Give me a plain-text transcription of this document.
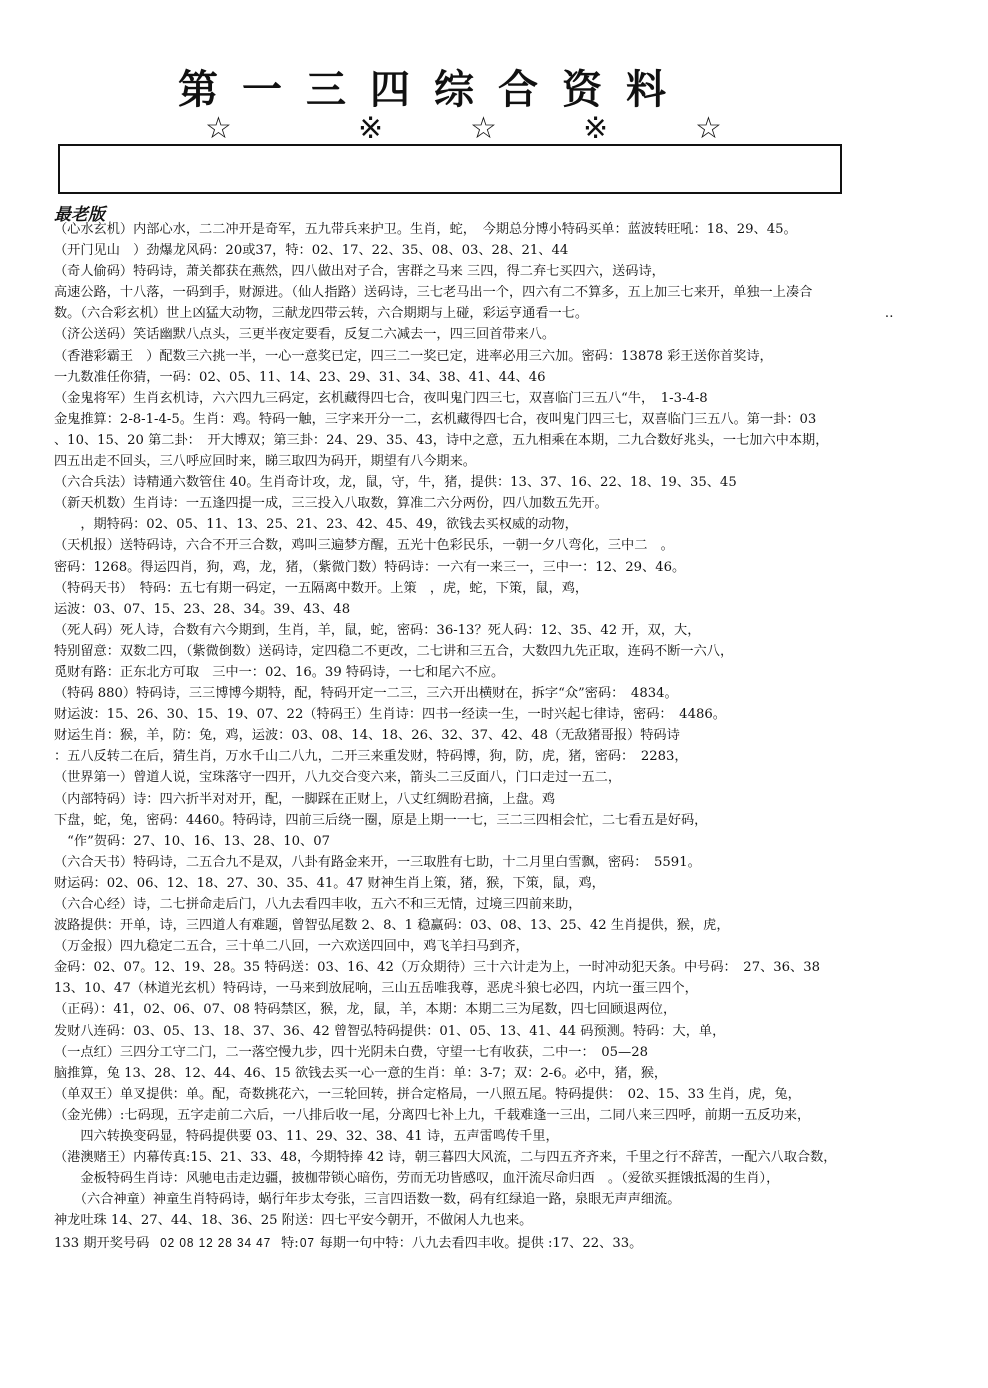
第一三四综合资料
☆	※	☆	※	☆
最老版
（心水玄机）内部心水，二二冲开是奇军，五九带兵来护卫。生肖，蛇，　今期总分博小特码买单：蓝波转旺吼：18、29、45。
（开门见山　）劲爆龙风码：20或37，特：02、17、22、35、08、03、28、21、44
（奇人偷码）特码诗，萧关都获在燕然，四八做出对子合，害群之马来 三四，得二弃七买四六，送码诗，
高速公路，十八落，一码到手，财源进。（仙人指路）送码诗，三七老马出一个，四六有二不算多，五上加三七来开，单独一上凑合
数。（六合彩玄机）世上凶猛大动物，三献龙四带云转，六合期期与上碰，彩运亨通看一七。　　　　　　　　　　　　　　　　　　　　　　　‥
（济公送码）笑话幽默八点头，三更半夜定要看，反复二六减去一，四三回首带来八。
（香港彩霸王　）配数三六挑一半，一心一意奖已定，四三二一奖已定，进率必用三六加。密码：13878 彩王送你首奖诗，
一九数准任你猜，一码：02、05、11、14、23、29、31、34、38、41、44、46
（金鬼将军）生肖玄机诗，六六四九三码定，玄机藏得四七合，夜叫鬼门四三七，双喜临门三五八“牛，　1-3-4-8
金鬼推算：2-8-1-4-5。生肖：鸡。特码一触，三字来开分一二，玄机藏得四七合，夜叫鬼门四三七，双喜临门三五八。第一卦：03
、10、15、20 第二卦：　开大博双；第三卦：24、29、35、43，诗中之意，五九相乘在本期，二九合数好兆头，一七加六中本期，
四五出走不回头，三八呼应回时来，睇三取四为码开，期望有八今期来。
（六合兵法）诗精通六数管住 40。生肖奇计攻，龙，鼠，守，牛，猪，提供：13、37、16、22、18、19、35、45
（新天机数）生肖诗：一五逢四提一成，三三投入八取数，算准二六分两份，四八加数五先开。
　　，期特码：02、05、11、13、25、21、23、42、45、49，欲钱去买权威的动物，
（天机报）送特码诗，六合不开三合数，鸡叫三遍梦方醒，五光十色彩民乐，一朝一夕八弯化，三中二　。
密码：1268。得运四肖，狗，鸡，龙，猪，（紫微门数）特码诗：一六有一来三一，三中一：12、29、46。
（特码天书）　特码：五七有期一码定，一五隔离中数开。上策　，虎，蛇，下策，鼠，鸡，
运波：03、07、15、23、28、34。39、43、48
（死人码）死人诗，合数有六今期到，生肖，羊，鼠，蛇，密码：36-13？死人码：12、35、42 开，双，大，
特别留意：双数二四，（紫微倒数）送码诗，定四稳二不更改，二七讲和三五合，大数四九先正取，连码不断一六八，
觅财有路：正东北方可取　三中一：02、16。39 特码诗，一七和尾六不应。
（特码 880）特码诗，三三博博今期特，配，特码开定一二三，三六开出横财在，拆字“众”密码：　4834。
财运波：15、26、30、15、19、07、22（特码王）生肖诗：四书一经读一生，一时兴起七律诗，密码：　4486。
财运生肖：猴，羊，防：兔，鸡，运波：03、08、14、18、26、32、37、42、48（无敌猪哥报）特码诗
：五八反转二在后，猜生肖，万水千山二八九，二开三来重发财，特码博，狗，防，虎，猪，密码：　2283，
（世界第一）曾道人说，宝珠落守一四开，八九交合变六来，箭头二三反面八，门口走过一五二，
（内部特码）诗：四六折半对对开，配，一脚踩在正财上，八丈红绸盼君摘，上盘。鸡
下盘，蛇，兔，密码：4460。特码诗，四前三后绕一圈，原是上期一一七，三二三四相会忙，二七看五是好码，
　“作”贺码：27、10、16、13、28、10、07
（六合天书）特码诗，二五合九不是双，八卦有路金来开，一三取胜有七助，十二月里白雪飘，密码：　5591。
财运码：02、06、12、18、27、30、35、41。47 财神生肖上策，猪，猴，下策，鼠，鸡，
（六合心经）诗，二七拼命走后门，八九去看四丰收，五六不和三无情，过境三四前来助，
波路提供：开单，诗，三四道人有难题，曾智弘尾数 2、8、1 稳赢码：03、08、13、25、42 生肖提供，猴，虎，
（万金报）四九稳定二五合，三十单二八回，一六欢送四回中，鸡飞羊扫马到齐，
金码：02、07。12、19、28。35 特码送：03、16、42（万众期待）三十六计走为上，一时冲动犯天条。中号码：　27、36、38
13、10、47（林道光玄机）特码诗，一马来到放屁响，三山五岳唯我尊，恶虎斗狼七必四，内坑一蛋三四个，
（正码）：41，02、06、07、08 特码禁区，猴，龙，鼠，羊，本期：本期二三为尾数，四七回顾退两位，
发财八连码：03、05、13、18、37、36、42 曾智弘特码提供：01、05、13、41、44 码预测。特码：大，单，
（一点红）三四分工守二门，二一落空慢九步，四十光阴未白费，守望一七有收获，二中一：　05—28
脑推算，兔 13、28、12、44、46、15 欲钱去买一心一意的生肖：单：3-7；双：2-6。必中，猪，猴，
（单双王）单叉提供：单。配，奇数挑花六，一三轮回转，拼合定格局，一八照五尾。特码提供：　02、15、33 生肖，虎，兔，
（金光佛）:七码现，五字走前二六后，一八排后收一尾，分离四七补上九，千载难逢一三出，二同八来三四呼，前期一五反功来，
　　四六转换变码显，特码提供要 03、11、29、32、38、41 诗，五声雷鸣传千里，
（港澳赌王）内幕传真:15、21、33、48，今期特捧 42 诗，朝三暮四大风流，二与四五齐齐来，千里之行不辞苦，一配六八取合数，
　　金板特码生肖诗：风驰电击走边疆，披枷带锁心暗伤，劳而无功皆感叹，血汗流尽命归西　。（爱欲买捱饿抵渴的生肖），
　　（六合神童）神童生肖特码诗，蜗行年步太夸张，三言四语数一数，码有红绿追一路，泉眼无声声细流。
神龙吐珠 14、27、44、18、36、25 附送：四七平安今朝开，不做闲人九也来。
133 期开奖号码 02 08 12 28 34 47 特:07 每期一句中特：八九去看四丰收。提供 :17、22、33。
